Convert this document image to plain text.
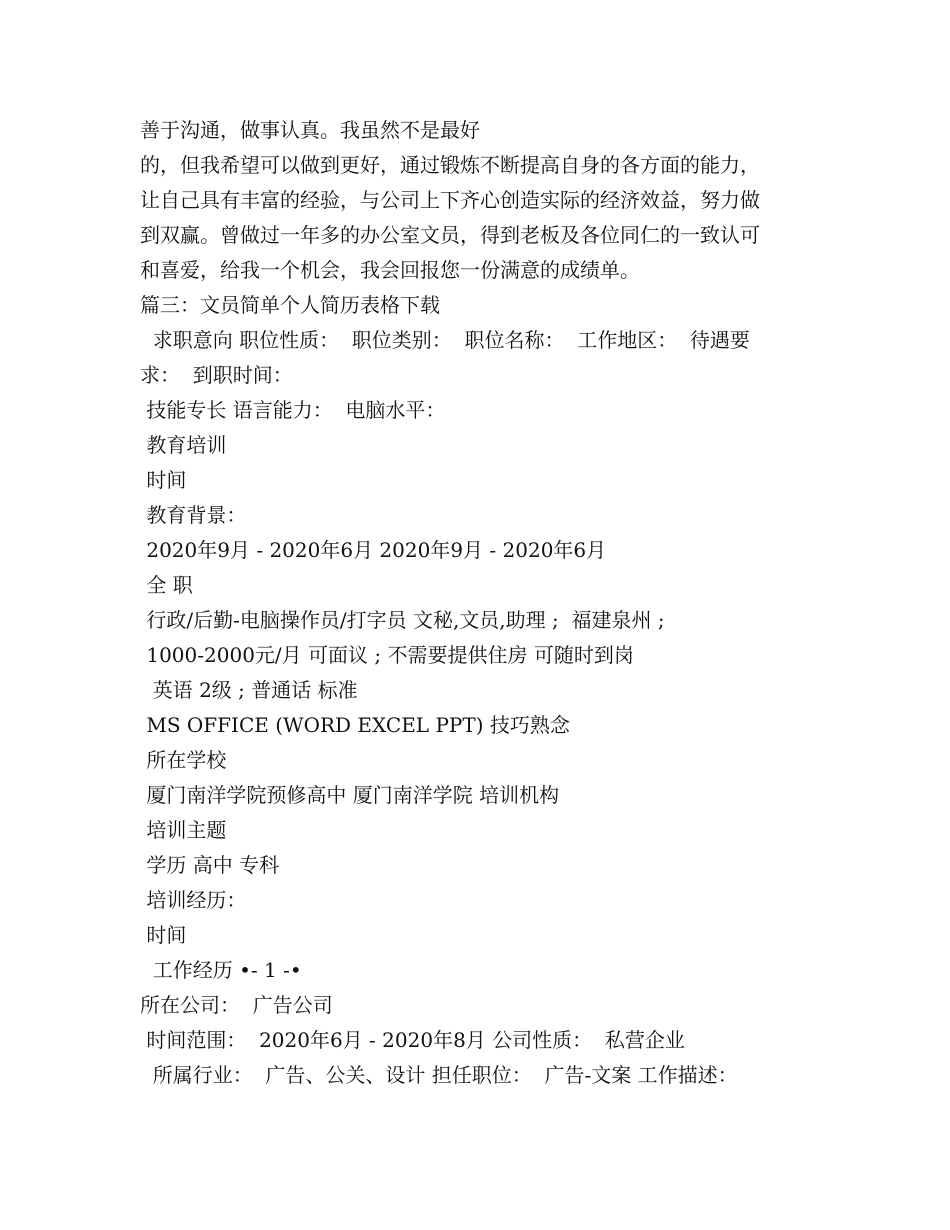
善于沟通，做事认真。我虽然不是最好
的，但我希望可以做到更好，通过锻炼不断提高自身的各方面的能力，
让自己具有丰富的经验，与公司上下齐心创造实际的经济效益，努力做
到双赢。曾做过一年多的办公室文员，得到老板及各位同仁的一致认可
和喜爱，给我一个机会，我会回报您一份满意的成绩单。
篇三：文员简单个人简历表格下载
求职意向 职位性质：  职位类别：  职位名称：  工作地区：  待遇要
求：  到职时间：
技能专长 语言能力：  电脑水平：
教育培训
时间
教育背景：
2020年9月 - 2020年6月 2020年9月 - 2020年6月
全 职
行政/后勤-电脑操作员/打字员 文秘,文员,助理 ;  福建泉州 ;
1000-2000元/月 可面议 ; 不需要提供住房 可随时到岗
英语 2级 ; 普通话 标准
MS OFFICE (WORD EXCEL PPT) 技巧熟念
所在学校
厦门南洋学院预修高中 厦门南洋学院 培训机构
培训主题
学历 高中 专科
培训经历：
时间
工作经历 •- 1 -•
所在公司：  广告公司
时间范围：  2020年6月 - 2020年8月 公司性质：  私营企业
所属行业：  广告、公关、设计 担任职位：  广告-文案 工作描述：
